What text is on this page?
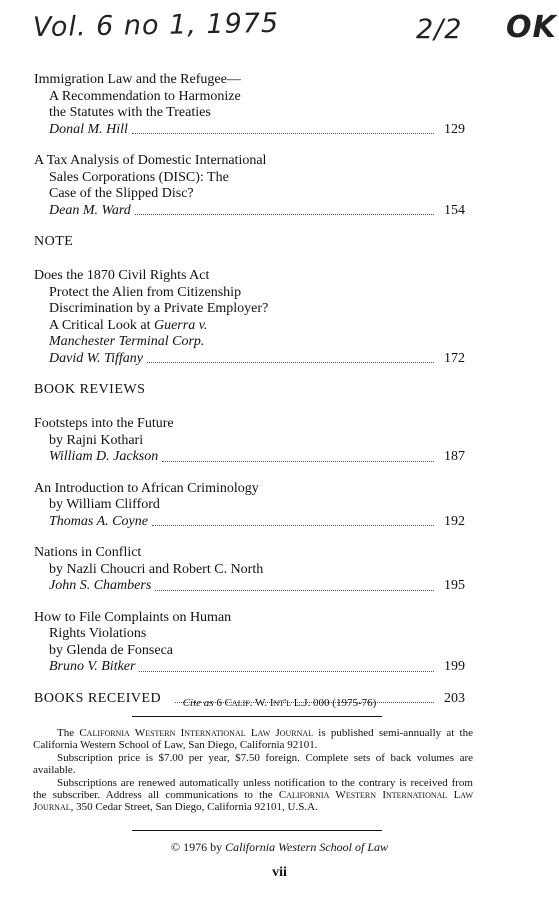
Vol. 6 no 1, 1975	2/2 OK
Immigration Law and the Refugee—
A Recommendation to Harmonize
the Statutes with the Treaties
Donal M. Hill	129
A Tax Analysis of Domestic International
Sales Corporations (DISC): The
Case of the Slipped Disc?
Dean M. Ward	154
NOTE
Does the 1870 Civil Rights Act
Protect the Alien from Citizenship
Discrimination by a Private Employer?
A Critical Look at Guerra v.
Manchester Terminal Corp.
David W. Tiffany	172
BOOK REVIEWS
Footsteps into the Future
by Rajni Kothari
William D. Jackson	187
An Introduction to African Criminology
by William Clifford
Thomas A. Coyne	192
Nations in Conflict
by Nazli Choucri and Robert C. North
John S. Chambers	195
How to File Complaints on Human
Rights Violations
by Glenda de Fonseca
Bruno V. Bitker	199
BOOKS RECEIVED	203
Cite as 6 Calif. W. Int'l L.J. 000 (1975-76)

The California Western International Law Journal is published semi-annually at the California Western School of Law, San Diego, California 92101.

Subscription price is $7.00 per year, $7.50 foreign. Complete sets of back volumes are available.

Subscriptions are renewed automatically unless notification to the contrary is received from the subscriber. Address all communications to the California Western International Law Journal, 350 Cedar Street, San Diego, California 92101, U.S.A.

© 1976 by California Western School of Law
vii
